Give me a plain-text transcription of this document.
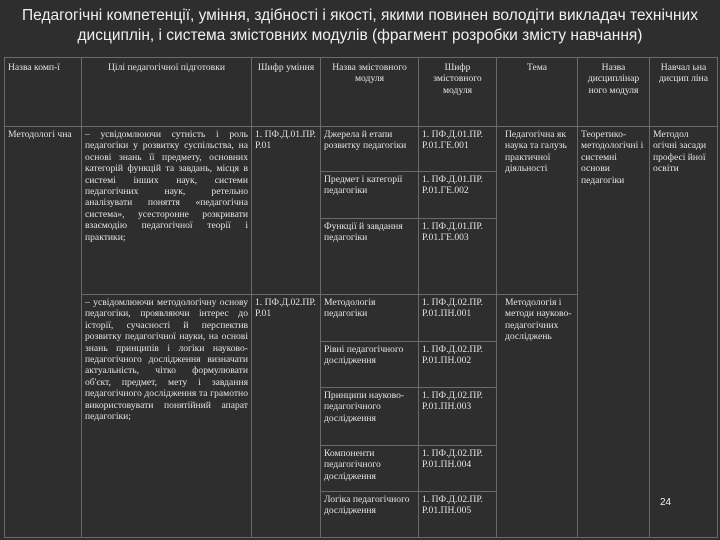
Педагогічні компетенції, уміння, здібності і якості, якими повинен володіти викладач технічних дисциплін, і система змістовних модулів (фрагмент розробки змісту навчання)
Назва комп-ї	Цілі педагогічної підготовки	Шифр уміння	Назва змістовного модуля	Шифр змістовного модуля	Тема	Назва дисциплінар ного модуля	Навчал ьна дисцип ліна
Методологі чна	– усвідомлюючи сутність і роль педагогіки у розвитку суспільства, на основі знань її предмету, основних категорій функцій та завдань, місця в системі інших наук, системи педагогічних наук, ретельно аналізувати поняття «педагогічна система», усесторонне розкривати взаємодію педагогічної теорії і практики;	1. ПФ.Д.01.ПР. Р.01	Джерела й етапи розвитку педагогіки	1. ПФ.Д.01.ПР. Р.01.ГЕ.001	Педагогічна як наука та галузь практичної діяльності	Теоретико-методологічні і системні основи педагогіки	Методол огічні засади професі йної освіти
			Предмет і категорії педагогіки	1. ПФ.Д.01.ПР. Р.01.ГЕ.002			
			Функції й завдання педагогіки	1. ПФ.Д.01.ПР. Р.01.ГЕ.003			
	– усвідомлюючи методологічну основу педагогіки, проявляючи інтерес до історії, сучасності й перспектив розвитку педагогічної науки, на основі знань принципів і логіки науково-педагогічного дослідження визначати актуальність, чітко формулювати об'єкт, предмет, мету і завдання педагогічного дослідження та грамотно використовувати понятійний апарат педагогіки;	1. ПФ.Д.02.ПР. Р.01	Методологія педагогіки	1. ПФ.Д.02.ПР. Р.01.ПН.001	Методологія і методи науково-педагогічних досліджень		
			Рівні педагогічного дослідження	1. ПФ.Д.02.ПР. Р.01.ПН.002			
			Принципи науково-педагогічного дослідження	1. ПФ.Д.02.ПР. Р.01.ПН.003			
			Компоненти педагогічного дослідження	1. ПФ.Д.02.ПР. Р.01.ПН.004			
			Логіка педагогічного дослідження	1. ПФ.Д.02.ПР. Р.01.ПН.005			
24
